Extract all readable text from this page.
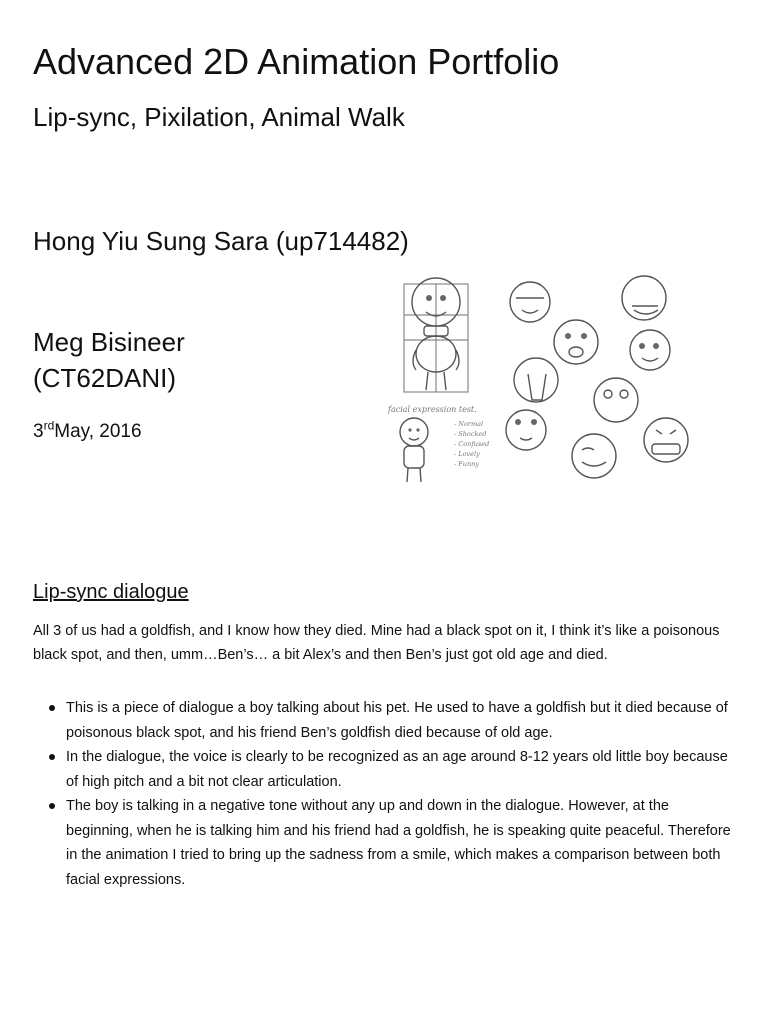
Advanced 2D Animation Portfolio
Lip-sync, Pixilation, Animal Walk
Hong Yiu Sung Sara (up714482)
Meg Bisineer
(CT62DANI)
3rdMay, 2016
facial expression test.
- Normal
- Shocked
- Confused
- Lovely
- Funny
Lip-sync dialogue

All 3 of us had a goldfish, and I know how they died. Mine had a black spot on it, I think it’s like a poisonous black spot, and then, umm…Ben’s… a bit Alex’s and then Ben’s just got old age and died.

This is a piece of dialogue a boy talking about his pet. He used to have a goldfish but it died because of poisonous black spot, and his friend Ben’s goldfish died because of old age.
In the dialogue, the voice is clearly to be recognized as an age around 8-12 years old little boy because of high pitch and a bit not clear articulation.
The boy is talking in a negative tone without any up and down in the dialogue. However, at the beginning, when he is talking him and his friend had a goldfish, he is speaking quite peaceful. Therefore in the animation I tried to bring up the sadness from a smile, which makes a comparison between both facial expressions.
